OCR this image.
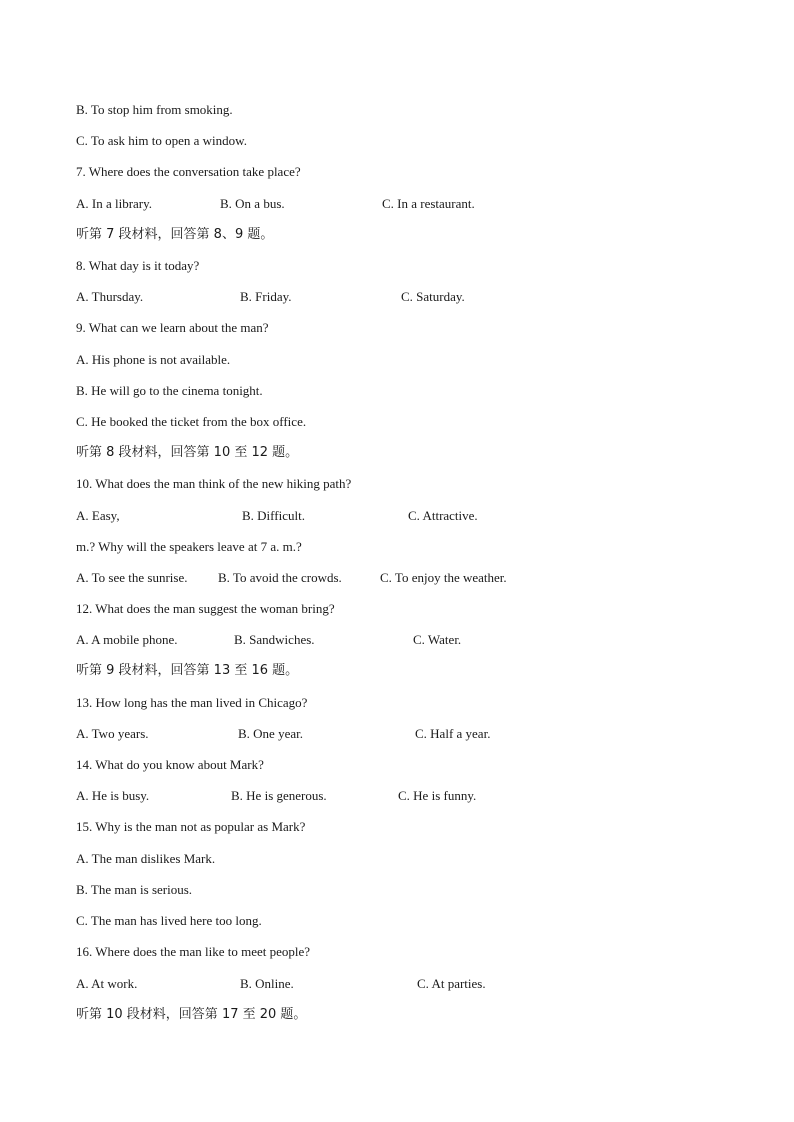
B. To stop him from smoking.
C. To ask him to open a window.
7. Where does the conversation take place?
A. In a library.	B. On a bus.	C. In a restaurant.
听第 7 段材料，回答第 8、9 题。
8. What day is it today?
A. Thursday.	B. Friday.	C. Saturday.
9. What can we learn about the man?
A. His phone is not available.
B. He will go to the cinema tonight.
C. He booked the ticket from the box office.
听第 8 段材料，回答第 10 至 12 题。
10. What does the man think of the new hiking path?
A. Easy,	B. Difficult.	C. Attractive.
m.? Why will the speakers leave at 7 a. m.?
A. To see the sunrise. B. To avoid the crowds.	C. To enjoy the weather.
12. What does the man suggest the woman bring?
A. A mobile phone.	B. Sandwiches.	C. Water.
听第 9 段材料，回答第 13 至 16 题。
13. How long has the man lived in Chicago?
A. Two years.	B. One year.	C. Half a year.
14. What do you know about Mark?
A. He is busy.	B. He is generous.	C. He is funny.
15. Why is the man not as popular as Mark?
A. The man dislikes Mark.
B. The man is serious.
C. The man has lived here too long.
16. Where does the man like to meet people?
A. At work.	B. Online.	C. At parties.
听第 10 段材料，回答第 17 至 20 题。
